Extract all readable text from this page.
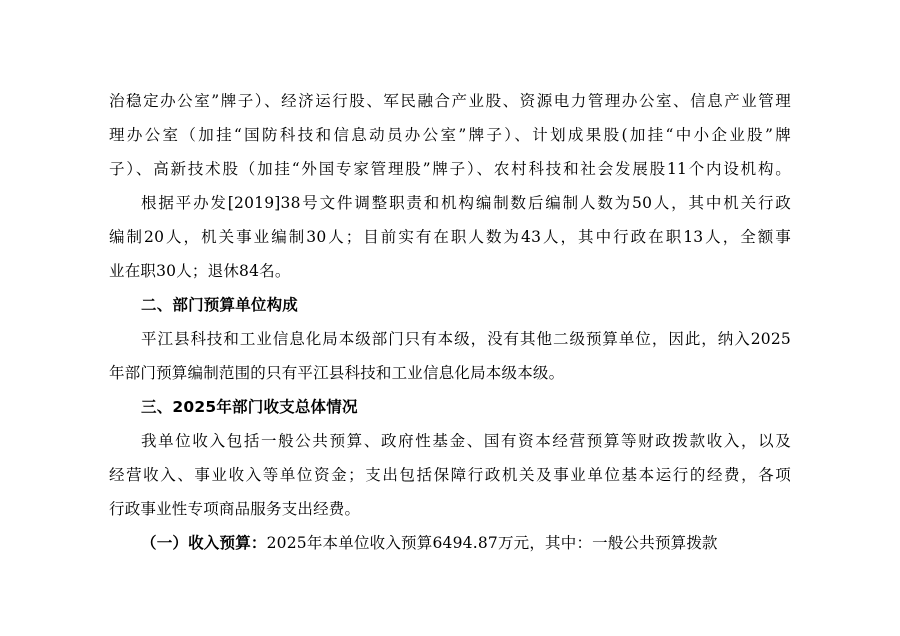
治稳定办公室”牌子）、经济运行股、军民融合产业股、资源电力管理办公室、信息产业管理
理办公室（加挂“国防科技和信息动员办公室”牌子）、计划成果股(加挂“中小企业股”牌
子）、高新技术股（加挂“外国专家管理股”牌子）、农村科技和社会发展股11个内设机构。
根据平办发[2019]38号文件调整职责和机构编制数后编制人数为50人，其中机关行政
编制20人，机关事业编制30人；目前实有在职人数为43人，其中行政在职13人，全额事
业在职30人；退休84名。
二、部门预算单位构成
平江县科技和工业信息化局本级部门只有本级，没有其他二级预算单位，因此，纳入2025
年部门预算编制范围的只有平江县科技和工业信息化局本级本级。
三、2025年部门收支总体情况
我单位收入包括一般公共预算、政府性基金、国有资本经营预算等财政拨款收入，以及
经营收入、事业收入等单位资金；支出包括保障行政机关及事业单位基本运行的经费，各项
行政事业性专项商品服务支出经费。
（一）收入预算：2025年本单位收入预算6494.87万元，其中：一般公共预算拨款
